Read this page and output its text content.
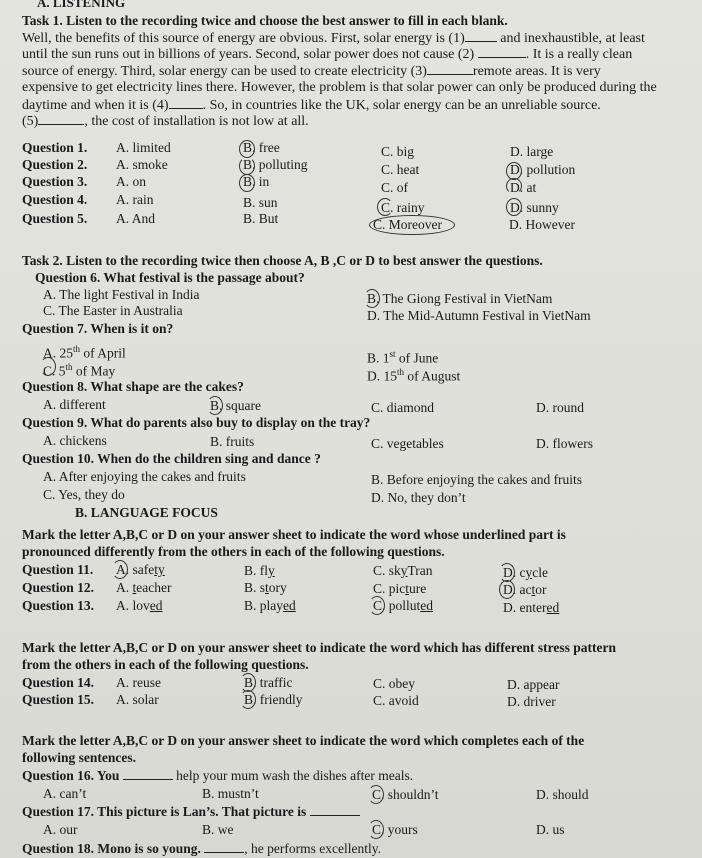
A. LISTENING
Task 1. Listen to the recording twice and choose the best answer to fill in each blank.
Well, the benefits of this source of energy are obvious. First, solar energy is (1)	and inexhaustible, at least
until the sun runs out in billions of years. Second, solar power does not cause (2)	. It is a really clean
source of energy. Third, solar energy can be used to create electricity (3)	remote areas. It is very
expensive to get electricity lines there. However, the problem is that solar power can only be produced during the
daytime and when it is (4) . So, in countries like the UK, solar energy can be an unreliable source.
(5)	, the cost of installation is not low at all.
Question 1. A. limited	B. free	C. big	D. large
Question 2. A. smoke	B. polluting	C. heat	D. pollution
Question 3. A. on	B. in	C. of	D. at
Question 4. A. rain	B. sun	C. rainy	D. sunny
Question 5. A. And	B. But	C. Moreover	D. However
Task 2. Listen to the recording twice then choose A, B ,C or D to best answer the questions.
Question 6. What festival is the passage about?
A. The light Festival in India	B. The Giong Festival in VietNam
C. The Easter in Australia	D. The Mid-Autumn Festival in VietNam
Question 7. When is it on?
A. 25th of April	B. 1st of June
C. 5th of May	D. 15th of August
Question 8. What shape are the cakes?
A. different	B. square	C. diamond	D. round
Question 9. What do parents also buy to display on the tray?
A. chickens	B. fruits	C. vegetables	D. flowers
Question 10. When do the children sing and dance ?
A. After enjoying the cakes and fruits	B. Before enjoying the cakes and fruits
C. Yes, they do	D. No, they don’t
B. LANGUAGE FOCUS
Mark the letter A,B,C or D on your answer sheet to indicate the word whose underlined part is
pronounced differently from the others in each of the following questions.
Question 11. A. safety	B. fly	C. skyTran	D. cycle
Question 12. A. teacher	B. story	C. picture	D. actor
Question 13. A. loved	B. played	C. polluted	D. entered
Mark the letter A,B,C or D on your answer sheet to indicate the word which has different stress pattern
from the others in each of the following questions.
Question 14. A. reuse	B. traffic	C. obey	D. appear
Question 15. A. solar	B. friendly	C. avoid	D. driver
Mark the letter A,B,C or D on your answer sheet to indicate the word which completes each of the
following sentences.
Question 16. You	help your mum wash the dishes after meals.
A. can’t	B. mustn’t	C. shouldn’t	D. should
Question 17. This picture is Lan’s. That picture is
A. our	B. we	C. yours	D. us
Question 18. Mono is so young.	, he performs excellently.
